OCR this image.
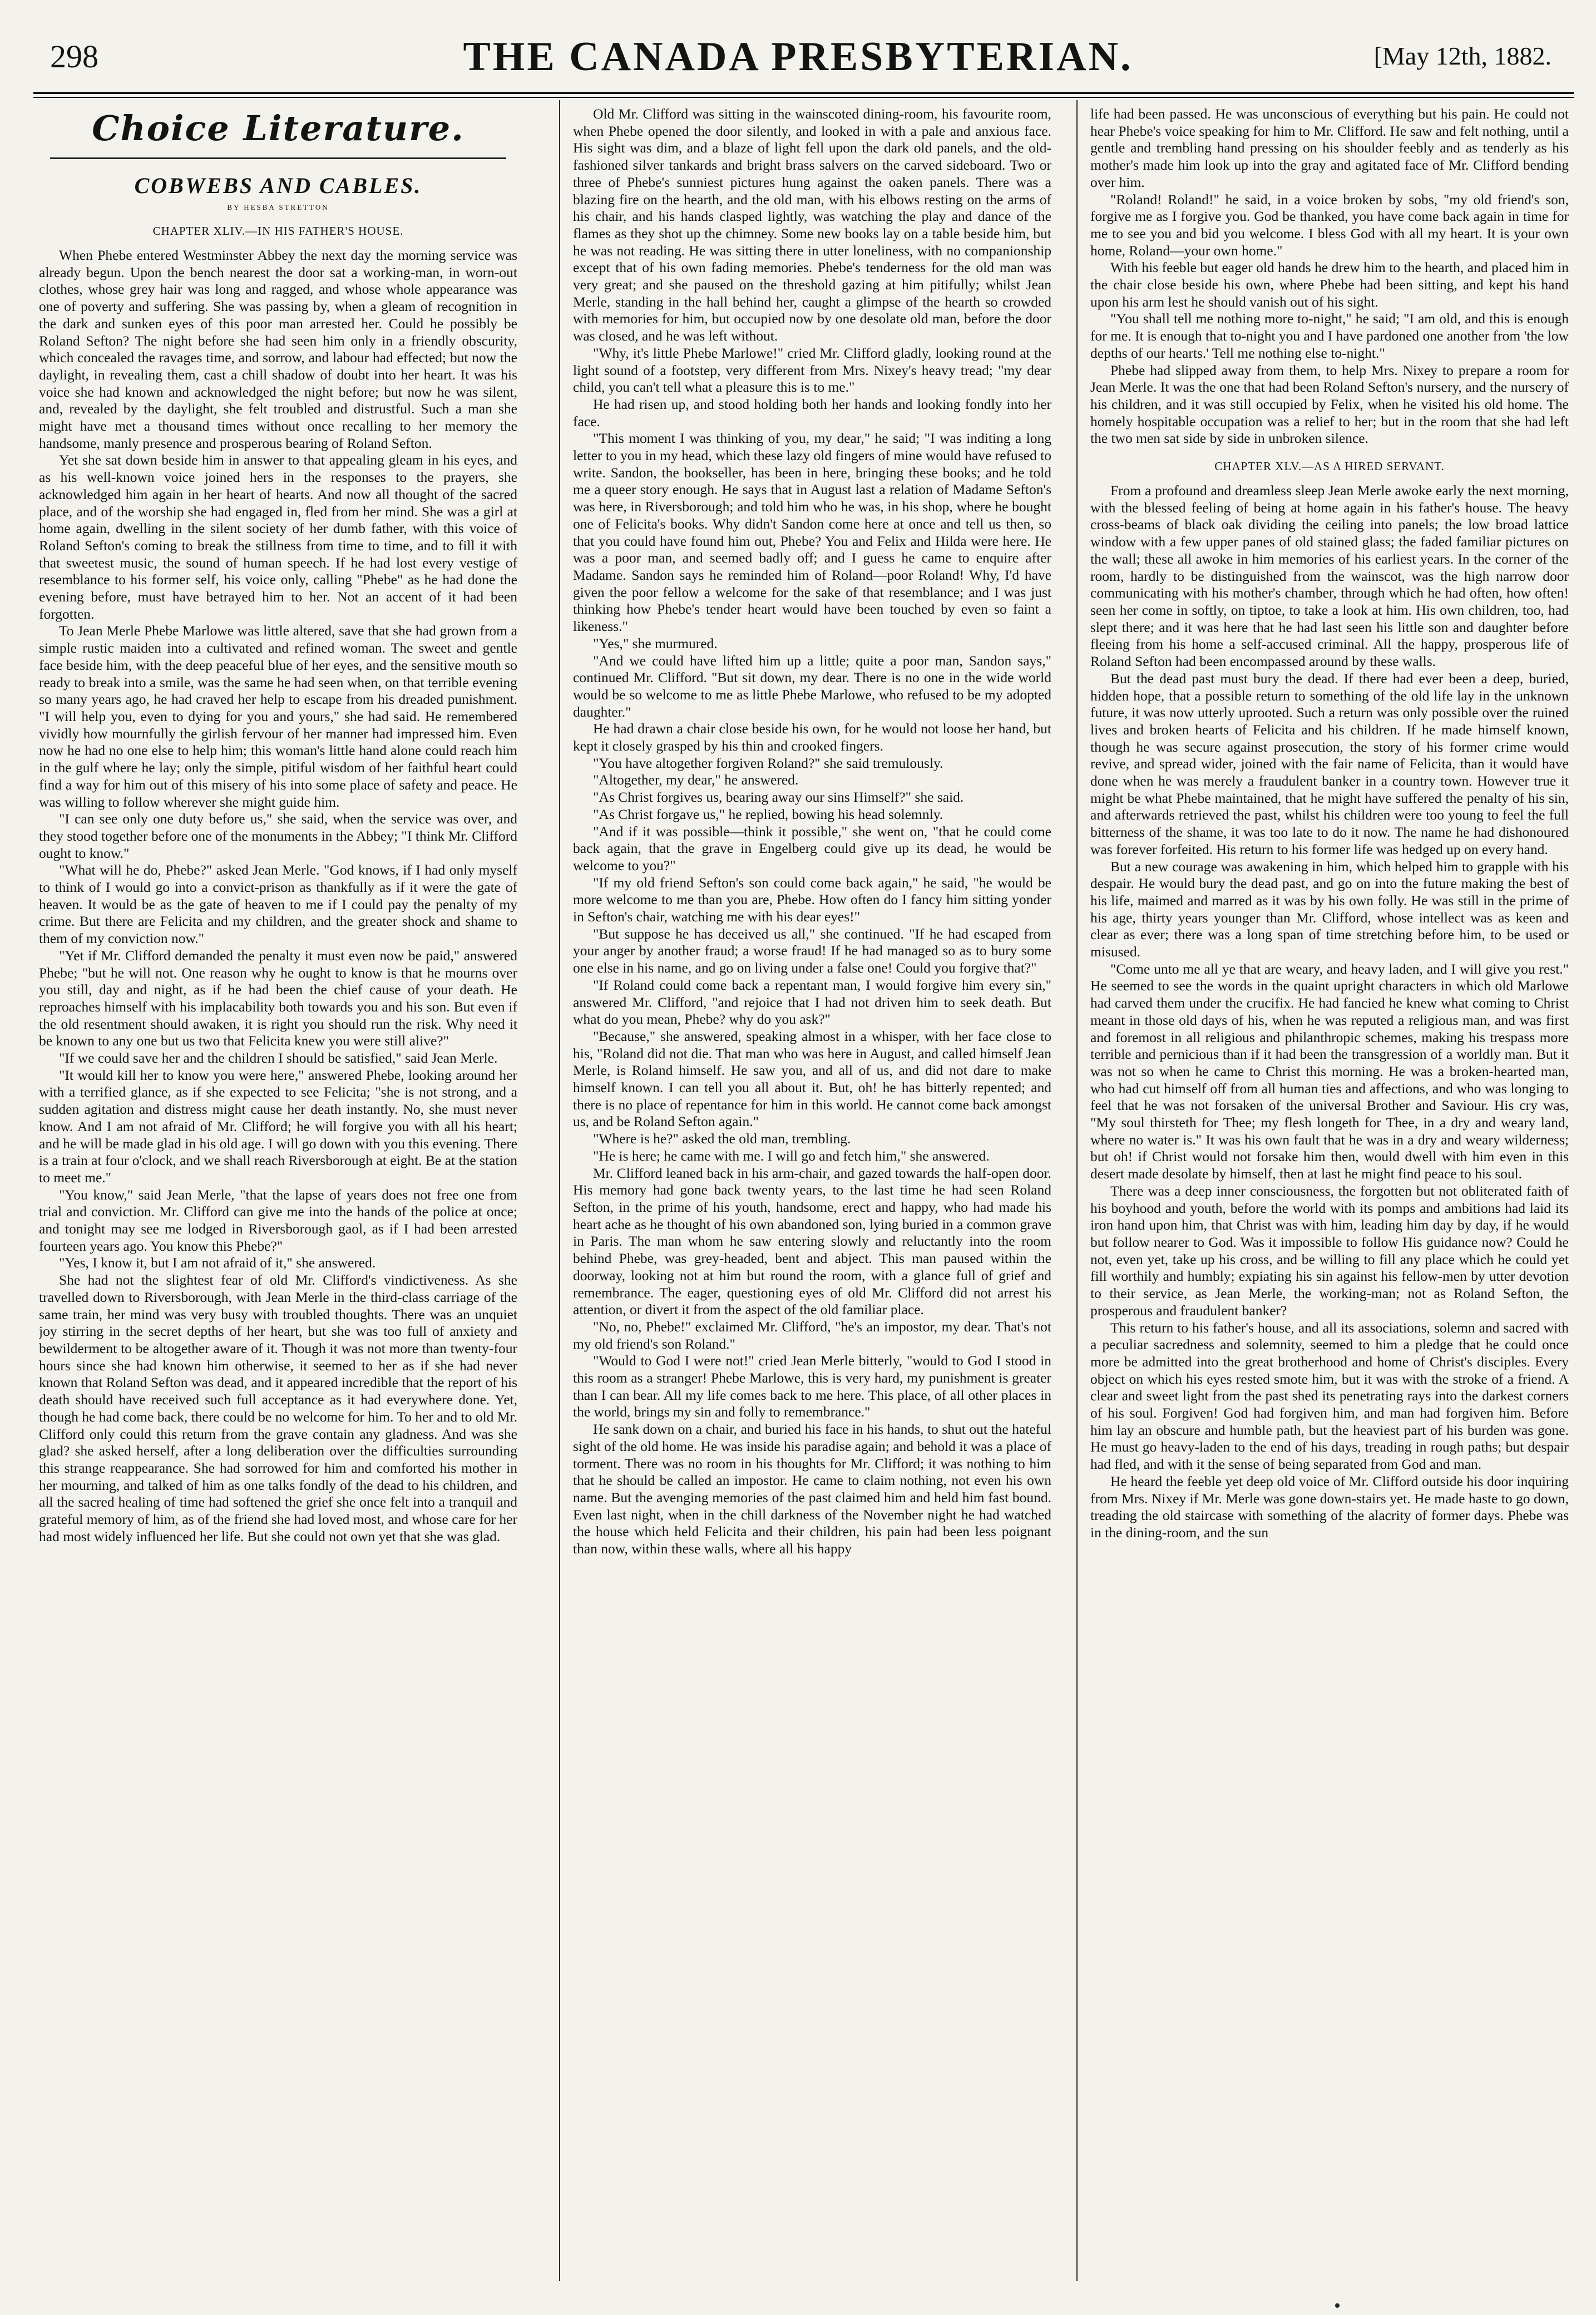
298	THE CANADA PRESBYTERIAN.	[May 12th, 1882.
Choice Literature.
COBWEBS AND CABLES.
BY HESBA STRETTON
CHAPTER XLIV.—IN HIS FATHER'S HOUSE.

When Phebe entered Westminster Abbey the next day the morning service was already begun. Upon the bench nearest the door sat a working-man, in worn-out clothes, whose grey hair was long and ragged, and whose whole appearance was one of poverty and suffering. She was passing by, when a gleam of recognition in the dark and sunken eyes of this poor man arrested her. Could he possibly be Roland Sefton? The night before she had seen him only in a friendly obscurity, which concealed the ravages time, and sorrow, and labour had effected; but now the daylight, in revealing them, cast a chill shadow of doubt into her heart. It was his voice she had known and acknowledged the night before; but now he was silent, and, revealed by the daylight, she felt troubled and distrustful. Such a man she might have met a thousand times without once recalling to her memory the handsome, manly presence and prosperous bearing of Roland Sefton.

Yet she sat down beside him in answer to that appealing gleam in his eyes, and as his well-known voice joined hers in the responses to the prayers, she acknowledged him again in her heart of hearts. And now all thought of the sacred place, and of the worship she had engaged in, fled from her mind. She was a girl at home again, dwelling in the silent society of her dumb father, with this voice of Roland Sefton's coming to break the stillness from time to time, and to fill it with that sweetest music, the sound of human speech. If he had lost every vestige of resemblance to his former self, his voice only, calling "Phebe" as he had done the evening before, must have betrayed him to her. Not an accent of it had been forgotten.

To Jean Merle Phebe Marlowe was little altered, save that she had grown from a simple rustic maiden into a cultivated and refined woman. The sweet and gentle face beside him, with the deep peaceful blue of her eyes, and the sensitive mouth so ready to break into a smile, was the same he had seen when, on that terrible evening so many years ago, he had craved her help to escape from his dreaded punishment. "I will help you, even to dying for you and yours," she had said. He remembered vividly how mournfully the girlish fervour of her manner had impressed him. Even now he had no one else to help him; this woman's little hand alone could reach him in the gulf where he lay; only the simple, pitiful wisdom of her faithful heart could find a way for him out of this misery of his into some place of safety and peace. He was willing to follow wherever she might guide him.

"I can see only one duty before us," she said, when the service was over, and they stood together before one of the monuments in the Abbey; "I think Mr. Clifford ought to know."

"What will he do, Phebe?" asked Jean Merle. "God knows, if I had only myself to think of I would go into a convict-prison as thankfully as if it were the gate of heaven. It would be as the gate of heaven to me if I could pay the penalty of my crime. But there are Felicita and my children, and the greater shock and shame to them of my conviction now."

"Yet if Mr. Clifford demanded the penalty it must even now be paid," answered Phebe; "but he will not. One reason why he ought to know is that he mourns over you still, day and night, as if he had been the chief cause of your death. He reproaches himself with his implacability both towards you and his son. But even if the old resentment should awaken, it is right you should run the risk. Why need it be known to any one but us two that Felicita knew you were still alive?"

"If we could save her and the children I should be satisfied," said Jean Merle.

"It would kill her to know you were here," answered Phebe, looking around her with a terrified glance, as if she expected to see Felicita; "she is not strong, and a sudden agitation and distress might cause her death instantly. No, she must never know. And I am not afraid of Mr. Clifford; he will forgive you with all his heart; and he will be made glad in his old age. I will go down with you this evening. There is a train at four o'clock, and we shall reach Riversborough at eight. Be at the station to meet me."

"You know," said Jean Merle, "that the lapse of years does not free one from trial and conviction. Mr. Clifford can give me into the hands of the police at once; and tonight may see me lodged in Riversborough gaol, as if I had been arrested fourteen years ago. You know this Phebe?"

"Yes, I know it, but I am not afraid of it," she answered.

She had not the slightest fear of old Mr. Clifford's vindictiveness. As she travelled down to Riversborough, with Jean Merle in the third-class carriage of the same train, her mind was very busy with troubled thoughts. There was an unquiet joy stirring in the secret depths of her heart, but she was too full of anxiety and bewilderment to be altogether aware of it. Though it was not more than twenty-four hours since she had known him otherwise, it seemed to her as if she had never known that Roland Sefton was dead, and it appeared incredible that the report of his death should have received such full acceptance as it had everywhere done. Yet, though he had come back, there could be no welcome for him. To her and to old Mr. Clifford only could this return from the grave contain any gladness. And was she glad? she asked herself, after a long deliberation over the difficulties surrounding this strange reappearance. She had sorrowed for him and comforted his mother in her mourning, and talked of him as one talks fondly of the dead to his children, and all the sacred healing of time had softened the grief she once felt into a tranquil and grateful memory of him, as of the friend she had loved most, and whose care for her had most widely influenced her life. But she could not own yet that she was glad.

Old Mr. Clifford was sitting in the wainscoted dining-room, his favourite room, when Phebe opened the door silently, and looked in with a pale and anxious face. His sight was dim, and a blaze of light fell upon the dark old panels, and the old-fashioned silver tankards and bright brass salvers on the carved sideboard. Two or three of Phebe's sunniest pictures hung against the oaken panels. There was a blazing fire on the hearth, and the old man, with his elbows resting on the arms of his chair, and his hands clasped lightly, was watching the play and dance of the flames as they shot up the chimney. Some new books lay on a table beside him, but he was not reading. He was sitting there in utter loneliness, with no companionship except that of his own fading memories. Phebe's tenderness for the old man was very great; and she paused on the threshold gazing at him pitifully; whilst Jean Merle, standing in the hall behind her, caught a glimpse of the hearth so crowded with memories for him, but occupied now by one desolate old man, before the door was closed, and he was left without.

"Why, it's little Phebe Marlowe!" cried Mr. Clifford gladly, looking round at the light sound of a footstep, very different from Mrs. Nixey's heavy tread; "my dear child, you can't tell what a pleasure this is to me."

He had risen up, and stood holding both her hands and looking fondly into her face.

"This moment I was thinking of you, my dear," he said; "I was inditing a long letter to you in my head, which these lazy old fingers of mine would have refused to write. Sandon, the bookseller, has been in here, bringing these books; and he told me a queer story enough. He says that in August last a relation of Madame Sefton's was here, in Riversborough; and told him who he was, in his shop, where he bought one of Felicita's books. Why didn't Sandon come here at once and tell us then, so that you could have found him out, Phebe? You and Felix and Hilda were here. He was a poor man, and seemed badly off; and I guess he came to enquire after Madame. Sandon says he reminded him of Roland—poor Roland! Why, I'd have given the poor fellow a welcome for the sake of that resemblance; and I was just thinking how Phebe's tender heart would have been touched by even so faint a likeness."

"Yes," she murmured.

"And we could have lifted him up a little; quite a poor man, Sandon says," continued Mr. Clifford. "But sit down, my dear. There is no one in the wide world would be so welcome to me as little Phebe Marlowe, who refused to be my adopted daughter."

He had drawn a chair close beside his own, for he would not loose her hand, but kept it closely grasped by his thin and crooked fingers.

"You have altogether forgiven Roland?" she said tremulously.

"Altogether, my dear," he answered.

"As Christ forgives us, bearing away our sins Himself?" she said.

"As Christ forgave us," he replied, bowing his head solemnly.

"And if it was possible—think it possible," she went on, "that he could come back again, that the grave in Engelberg could give up its dead, he would be welcome to you?"

"If my old friend Sefton's son could come back again," he said, "he would be more welcome to me than you are, Phebe. How often do I fancy him sitting yonder in Sefton's chair, watching me with his dear eyes!"

"But suppose he has deceived us all," she continued. "If he had escaped from your anger by another fraud; a worse fraud! If he had managed so as to bury some one else in his name, and go on living under a false one! Could you forgive that?"

"If Roland could come back a repentant man, I would forgive him every sin," answered Mr. Clifford, "and rejoice that I had not driven him to seek death. But what do you mean, Phebe? why do you ask?"

"Because," she answered, speaking almost in a whisper, with her face close to his, "Roland did not die. That man who was here in August, and called himself Jean Merle, is Roland himself. He saw you, and all of us, and did not dare to make himself known. I can tell you all about it. But, oh! he has bitterly repented; and there is no place of repentance for him in this world. He cannot come back amongst us, and be Roland Sefton again."

"Where is he?" asked the old man, trembling.

"He is here; he came with me. I will go and fetch him," she answered.

Mr. Clifford leaned back in his arm-chair, and gazed towards the half-open door. His memory had gone back twenty years, to the last time he had seen Roland Sefton, in the prime of his youth, handsome, erect and happy, who had made his heart ache as he thought of his own abandoned son, lying buried in a common grave in Paris. The man whom he saw entering slowly and reluctantly into the room behind Phebe, was grey-headed, bent and abject. This man paused within the doorway, looking not at him but round the room, with a glance full of grief and remembrance. The eager, questioning eyes of old Mr. Clifford did not arrest his attention, or divert it from the aspect of the old familiar place.

"No, no, Phebe!" exclaimed Mr. Clifford, "he's an impostor, my dear. That's not my old friend's son Roland."

"Would to God I were not!" cried Jean Merle bitterly, "would to God I stood in this room as a stranger! Phebe Marlowe, this is very hard, my punishment is greater than I can bear. All my life comes back to me here. This place, of all other places in the world, brings my sin and folly to remembrance."

He sank down on a chair, and buried his face in his hands, to shut out the hateful sight of the old home. He was inside his paradise again; and behold it was a place of torment. There was no room in his thoughts for Mr. Clifford; it was nothing to him that he should be called an impostor. He came to claim nothing, not even his own name. But the avenging memories of the past claimed him and held him fast bound. Even last night, when in the chill darkness of the November night he had watched the house which held Felicita and their children, his pain had been less poignant than now, within these walls, where all his happy

life had been passed. He was unconscious of everything but his pain. He could not hear Phebe's voice speaking for him to Mr. Clifford. He saw and felt nothing, until a gentle and trembling hand pressing on his shoulder feebly and as tenderly as his mother's made him look up into the gray and agitated face of Mr. Clifford bending over him.

"Roland! Roland!" he said, in a voice broken by sobs, "my old friend's son, forgive me as I forgive you. God be thanked, you have come back again in time for me to see you and bid you welcome. I bless God with all my heart. It is your own home, Roland—your own home."

With his feeble but eager old hands he drew him to the hearth, and placed him in the chair close beside his own, where Phebe had been sitting, and kept his hand upon his arm lest he should vanish out of his sight.

"You shall tell me nothing more to-night," he said; "I am old, and this is enough for me. It is enough that to-night you and I have pardoned one another from 'the low depths of our hearts.' Tell me nothing else to-night."

Phebe had slipped away from them, to help Mrs. Nixey to prepare a room for Jean Merle. It was the one that had been Roland Sefton's nursery, and the nursery of his children, and it was still occupied by Felix, when he visited his old home. The homely hospitable occupation was a relief to her; but in the room that she had left the two men sat side by side in unbroken silence.

CHAPTER XLV.—AS A HIRED SERVANT.

From a profound and dreamless sleep Jean Merle awoke early the next morning, with the blessed feeling of being at home again in his father's house. The heavy cross-beams of black oak dividing the ceiling into panels; the low broad lattice window with a few upper panes of old stained glass; the faded familiar pictures on the wall; these all awoke in him memories of his earliest years. In the corner of the room, hardly to be distinguished from the wainscot, was the high narrow door communicating with his mother's chamber, through which he had often, how often! seen her come in softly, on tiptoe, to take a look at him. His own children, too, had slept there; and it was here that he had last seen his little son and daughter before fleeing from his home a self-accused criminal. All the happy, prosperous life of Roland Sefton had been encompassed around by these walls.

But the dead past must bury the dead. If there had ever been a deep, buried, hidden hope, that a possible return to something of the old life lay in the unknown future, it was now utterly uprooted. Such a return was only possible over the ruined lives and broken hearts of Felicita and his children. If he made himself known, though he was secure against prosecution, the story of his former crime would revive, and spread wider, joined with the fair name of Felicita, than it would have done when he was merely a fraudulent banker in a country town. However true it might be what Phebe maintained, that he might have suffered the penalty of his sin, and afterwards retrieved the past, whilst his children were too young to feel the full bitterness of the shame, it was too late to do it now. The name he had dishonoured was forever forfeited. His return to his former life was hedged up on every hand.

But a new courage was awakening in him, which helped him to grapple with his despair. He would bury the dead past, and go on into the future making the best of his life, maimed and marred as it was by his own folly. He was still in the prime of his age, thirty years younger than Mr. Clifford, whose intellect was as keen and clear as ever; there was a long span of time stretching before him, to be used or misused.

"Come unto me all ye that are weary, and heavy laden, and I will give you rest." He seemed to see the words in the quaint upright characters in which old Marlowe had carved them under the crucifix. He had fancied he knew what coming to Christ meant in those old days of his, when he was reputed a religious man, and was first and foremost in all religious and philanthropic schemes, making his trespass more terrible and pernicious than if it had been the transgression of a worldly man. But it was not so when he came to Christ this morning. He was a broken-hearted man, who had cut himself off from all human ties and affections, and who was longing to feel that he was not forsaken of the universal Brother and Saviour. His cry was, "My soul thirsteth for Thee; my flesh longeth for Thee, in a dry and weary land, where no water is." It was his own fault that he was in a dry and weary wilderness; but oh! if Christ would not forsake him then, would dwell with him even in this desert made desolate by himself, then at last he might find peace to his soul.

There was a deep inner consciousness, the forgotten but not obliterated faith of his boyhood and youth, before the world with its pomps and ambitions had laid its iron hand upon him, that Christ was with him, leading him day by day, if he would but follow nearer to God. Was it impossible to follow His guidance now? Could he not, even yet, take up his cross, and be willing to fill any place which he could yet fill worthily and humbly; expiating his sin against his fellow-men by utter devotion to their service, as Jean Merle, the working-man; not as Roland Sefton, the prosperous and fraudulent banker?

This return to his father's house, and all its associations, solemn and sacred with a peculiar sacredness and solemnity, seemed to him a pledge that he could once more be admitted into the great brotherhood and home of Christ's disciples. Every object on which his eyes rested smote him, but it was with the stroke of a friend. A clear and sweet light from the past shed its penetrating rays into the darkest corners of his soul. Forgiven! God had forgiven him, and man had forgiven him. Before him lay an obscure and humble path, but the heaviest part of his burden was gone. He must go heavy-laden to the end of his days, treading in rough paths; but despair had fled, and with it the sense of being separated from God and man.

He heard the feeble yet deep old voice of Mr. Clifford outside his door inquiring from Mrs. Nixey if Mr. Merle was gone down-stairs yet. He made haste to go down, treading the old staircase with something of the alacrity of former days. Phebe was in the dining-room, and the sun
